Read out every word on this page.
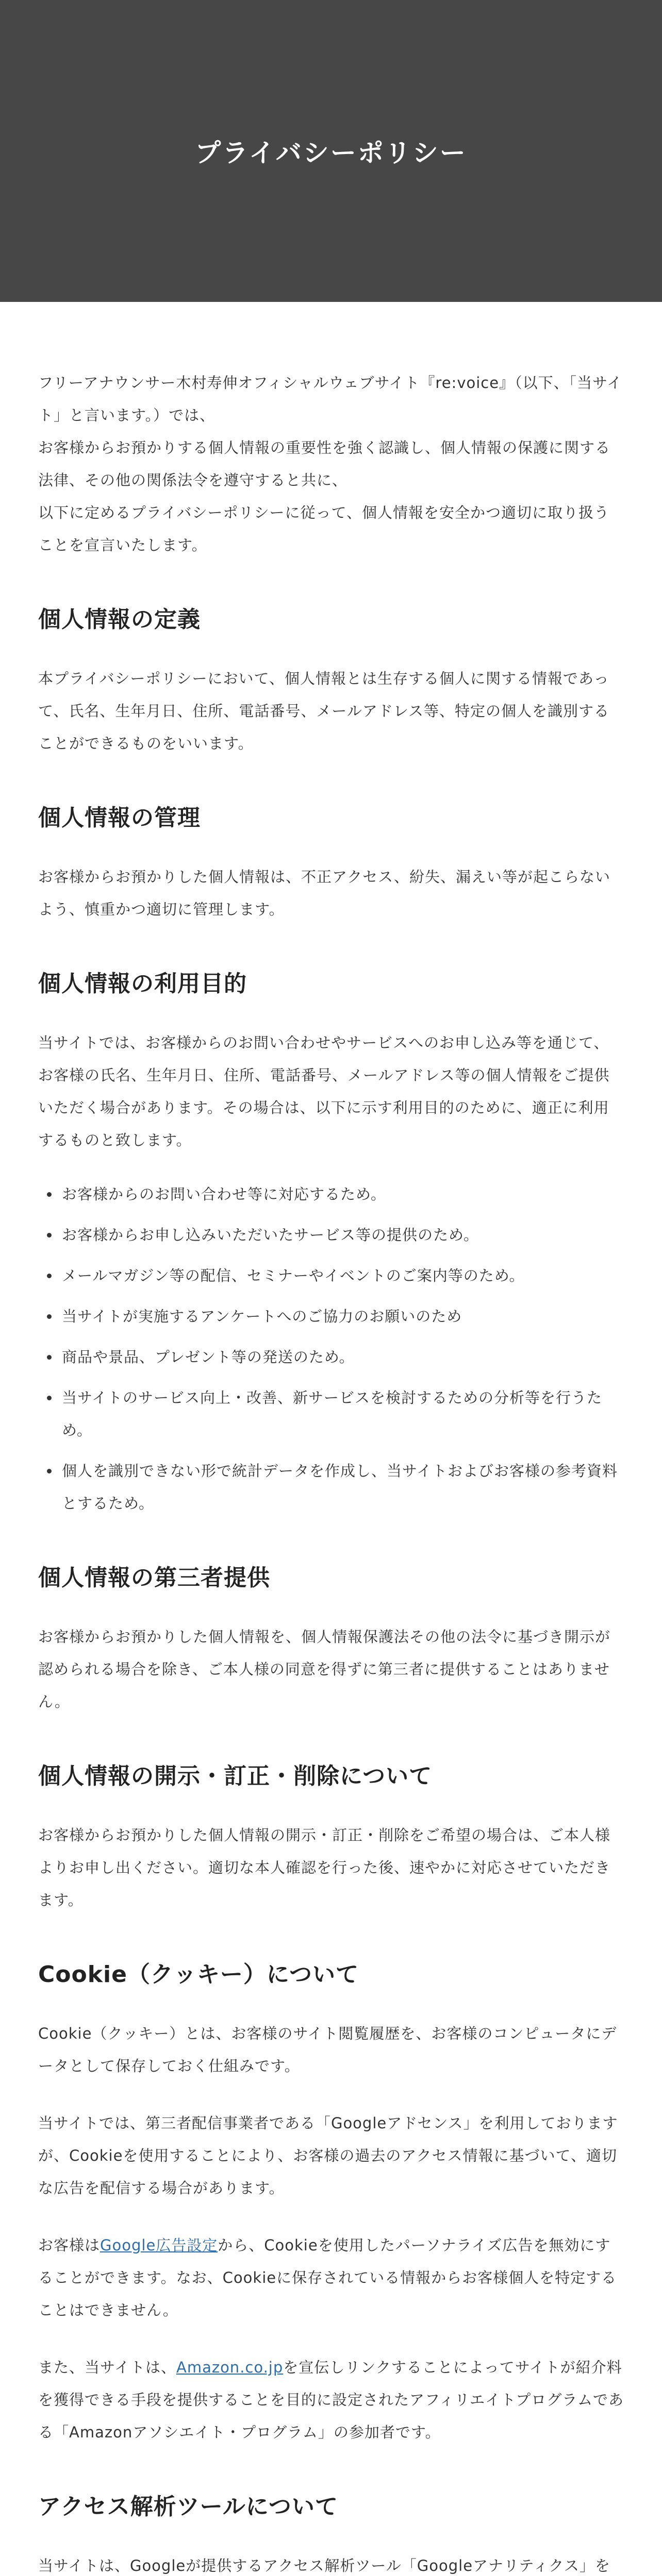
プライバシーポリシー

フリーアナウンサー木村寿伸オフィシャルウェブサイト『re:voice』（以下、「当サイト」と言います。）では、

お客様からお預かりする個人情報の重要性を強く認識し、個人情報の保護に関する法律、その他の関係法令を遵守すると共に、

以下に定めるプライバシーポリシーに従って、個人情報を安全かつ適切に取り扱うことを宣言いたします。

個人情報の定義

本プライバシーポリシーにおいて、個人情報とは生存する個人に関する情報であって、氏名、生年月日、住所、電話番号、メールアドレス等、特定の個人を識別することができるものをいいます。

個人情報の管理

お客様からお預かりした個人情報は、不正アクセス、紛失、漏えい等が起こらないよう、慎重かつ適切に管理します。

個人情報の利用目的

当サイトでは、お客様からのお問い合わせやサービスへのお申し込み等を通じて、お客様の氏名、生年月日、住所、電話番号、メールアドレス等の個人情報をご提供いただく場合があります。その場合は、以下に示す利用目的のために、適正に利用するものと致します。

• お客様からのお問い合わせ等に対応するため。
• お客様からお申し込みいただいたサービス等の提供のため。
• メールマガジン等の配信、セミナーやイベントのご案内等のため。
• 当サイトが実施するアンケートへのご協力のお願いのため
• 商品や景品、プレゼント等の発送のため。
• 当サイトのサービス向上・改善、新サービスを検討するための分析等を行うため。
• 個人を識別できない形で統計データを作成し、当サイトおよびお客様の参考資料とするため。
個人情報の第三者提供

お客様からお預かりした個人情報を、個人情報保護法その他の法令に基づき開示が認められる場合を除き、ご本人様の同意を得ずに第三者に提供することはありません。

個人情報の開示・訂正・削除について

お客様からお預かりした個人情報の開示・訂正・削除をご希望の場合は、ご本人様よりお申し出ください。適切な本人確認を行った後、速やかに対応させていただきます。

Cookie（クッキー）について

Cookie（クッキー）とは、お客様のサイト閲覧履歴を、お客様のコンピュータにデータとして保存しておく仕組みです。

当サイトでは、第三者配信事業者である「Googleアドセンス」を利用しておりますが、Cookieを使用することにより、お客様の過去のアクセス情報に基づいて、適切な広告を配信する場合があります。

お客様はGoogle広告設定から、Cookieを使用したパーソナライズ広告を無効にすることができます。なお、Cookieに保存されている情報からお客様個人を特定することはできません。

また、当サイトは、Amazon.co.jpを宣伝しリンクすることによってサイトが紹介料を獲得できる手段を提供することを目的に設定されたアフィリエイトプログラムである「Amazonアソシエイト・プログラム」の参加者です。

アクセス解析ツールについて

当サイトは、Googleが提供するアクセス解析ツール「Googleアナリティクス」を
